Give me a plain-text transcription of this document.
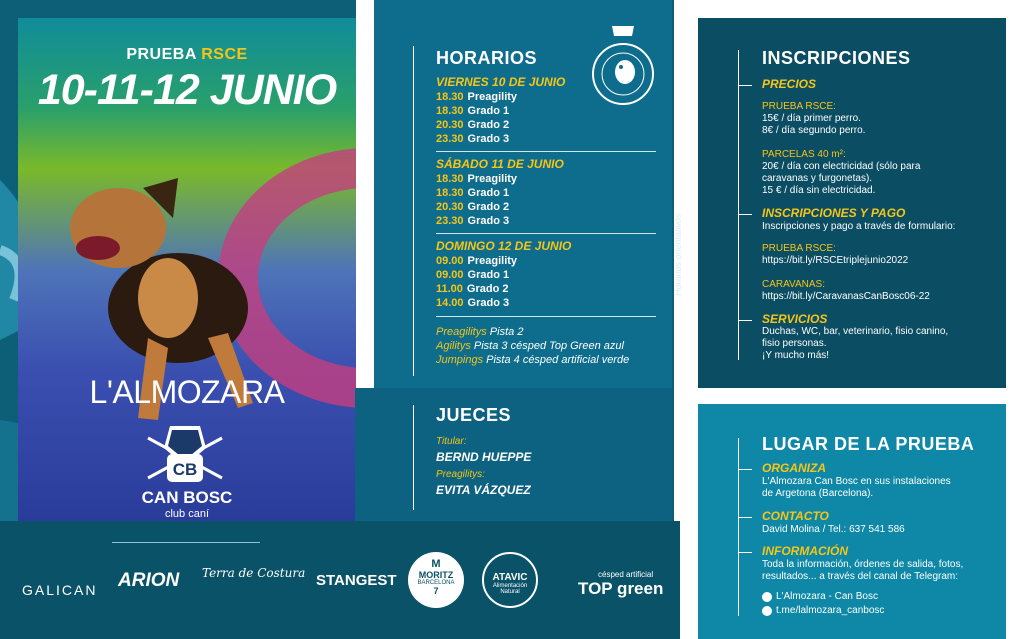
PRUEBA RSCE
10-11-12 JUNIO
L'ALMOZARA
CB
CAN BOSC
club caní
HORARIOS
VIERNES 10 DE JUNIO
18.30 Preagility
18.30 Grado 1
20.30 Grado 2
23.30 Grado 3
SÁBADO 11 DE JUNIO
18.30 Preagility
18.30 Grado 1
20.30 Grado 2
23.30 Grado 3
DOMINGO 12 DE JUNIO
09.00 Preagility
09.00 Grado 1
11.00 Grado 2
14.00 Grado 3
Preagilitys Pista 2
Agilitys Pista 3 césped Top Green azul
Jumpings Pista 4 césped artificial verde
Horarios orientativos
JUECES
Titular:
BERND HUEPPE
Preagilitys:
EVITA VÁZQUEZ
INSCRIPCIONES
PRECIOS
PRUEBA RSCE:
15€ / día primer perro.
8€ / día segundo perro.
PARCELAS 40 m²:
20€ / día con electricidad (sólo para
caravanas y furgonetas).
15 € / día sin electricidad.
INSCRIPCIONES Y PAGO
Inscripciones y pago a través de formulario:
PRUEBA RSCE:
https://bit.ly/RSCEtriplejunio2022
CARAVANAS:
https://bit.ly/CaravanasCanBosc06-22
SERVICIOS
Duchas, WC, bar, veterinario, fisio canino,
fisio personas.
¡Y mucho más!
LUGAR DE LA PRUEBA
ORGANIZA
L'Almozara Can Bosc en sus instalaciones
de Argetona (Barcelona).
CONTACTO
David Molina / Tel.: 637 541 586
INFORMACIÓN
Toda la información, órdenes de salida, fotos,
resultados... a través del canal de Telegram:
L'Almozara - Can Bosc
t.me/lalmozara_canbosc
GALICAN ARION Terra de Costura STANGEST
M
MORITZ
BARCELONA
7
ATAVIC
Alimentación Natural
césped artificial
TOP green
